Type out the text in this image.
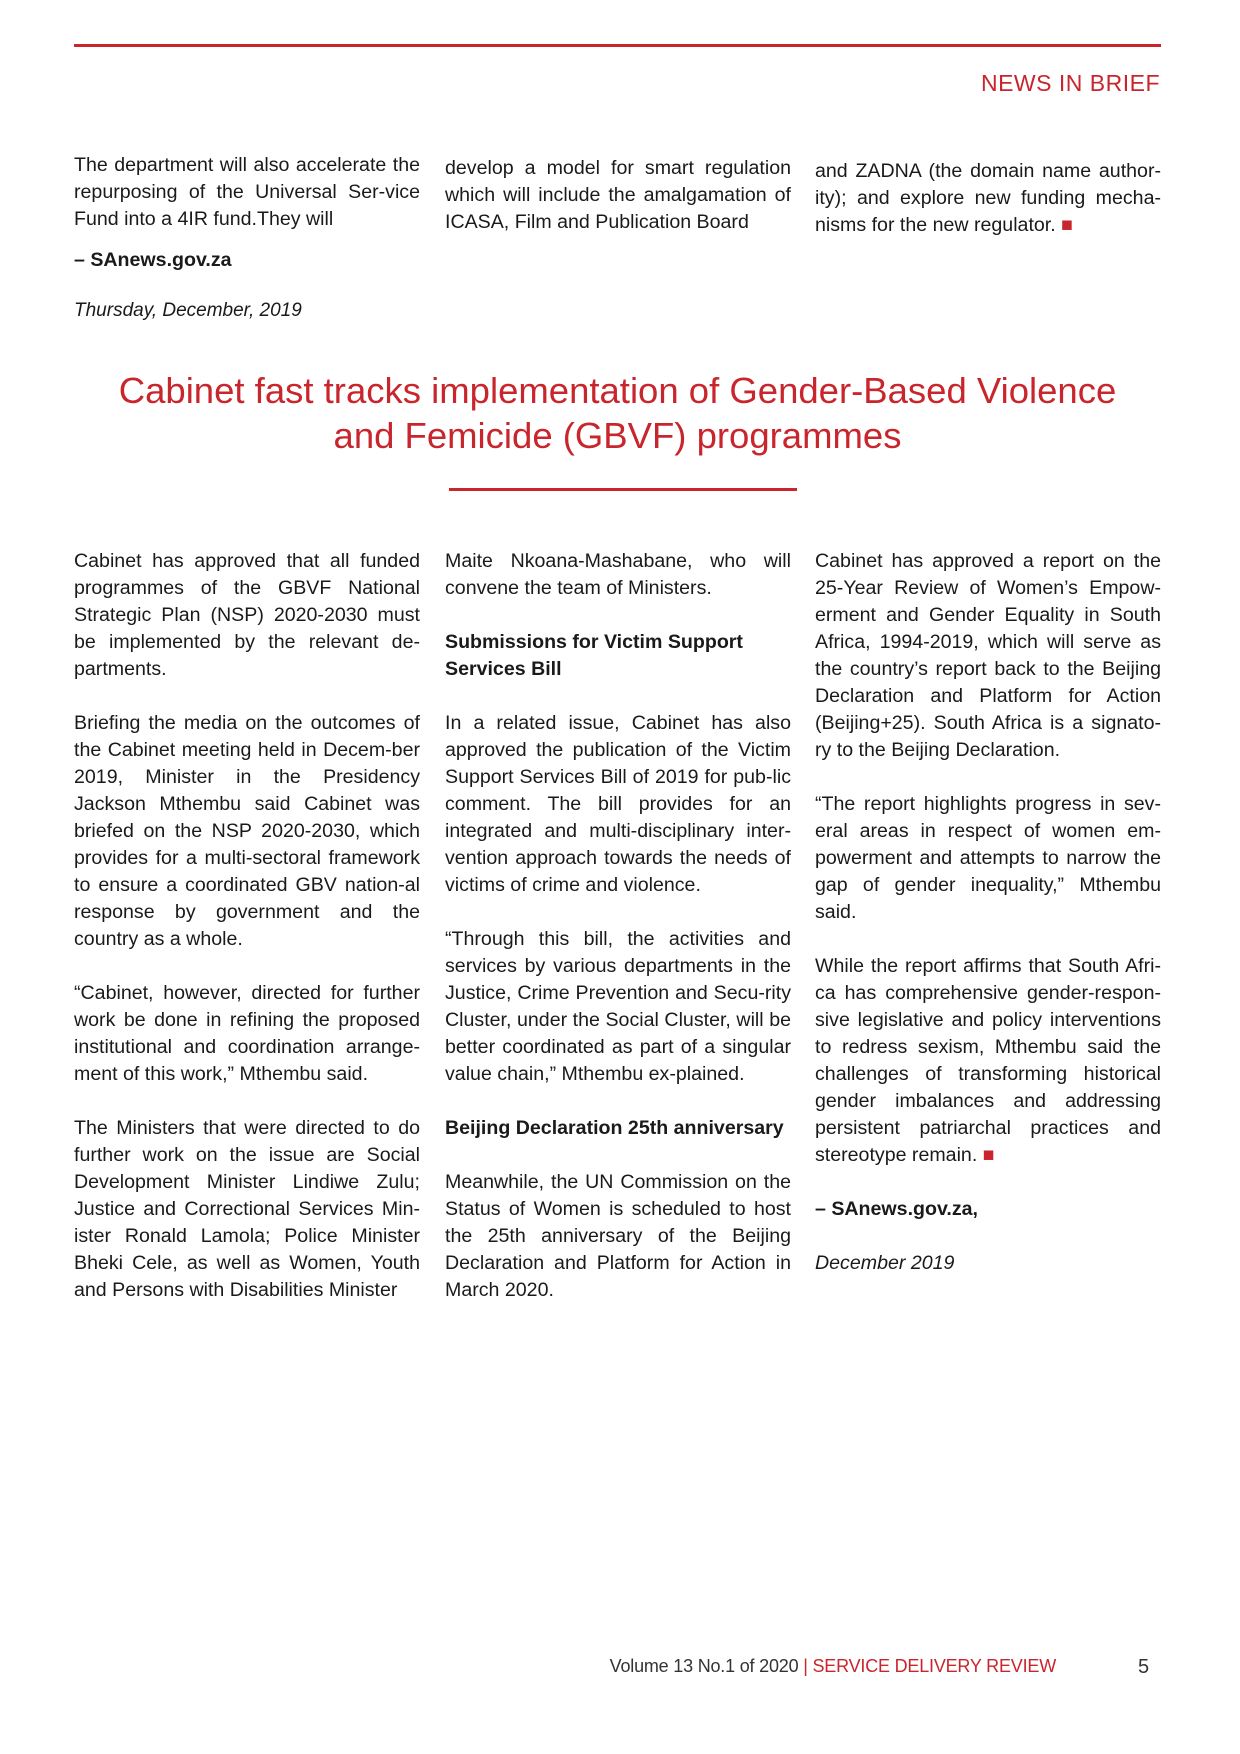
NEWS IN BRIEF

The department will also accelerate the repurposing of the Universal Ser-vice Fund into a 4IR fund.They will

develop a model for smart regulation which will include the amalgamation of ICASA, Film and Publication Board

and ZADNA (the domain name author-ity); and explore new funding mecha-nisms for the new regulator. ■

– SAnews.gov.za
Thursday, December, 2019
Cabinet fast tracks implementation of Gender-Based Violence
and Femicide (GBVF) programmes

Cabinet has approved that all funded programmes of the GBVF National Strategic Plan (NSP) 2020-2030 must be implemented by the relevant de-partments.

Briefing the media on the outcomes of the Cabinet meeting held in Decem-ber 2019, Minister in the Presidency Jackson Mthembu said Cabinet was briefed on the NSP 2020-2030, which provides for a multi-sectoral framework to ensure a coordinated GBV nation-al response by government and the country as a whole.

“Cabinet, however, directed for further work be done in refining the proposed institutional and coordination arrange-ment of this work,” Mthembu said.

The Ministers that were directed to do further work on the issue are Social Development Minister Lindiwe Zulu; Justice and Correctional Services Min-ister Ronald Lamola; Police Minister Bheki Cele, as well as Women, Youth and Persons with Disabilities Minister

Maite Nkoana-Mashabane, who will convene the team of Ministers.

Submissions for Victim Support Services Bill

In a related issue, Cabinet has also approved the publication of the Victim Support Services Bill of 2019 for pub-lic comment. The bill provides for an integrated and multi-disciplinary inter-vention approach towards the needs of victims of crime and violence.

“Through this bill, the activities and services by various departments in the Justice, Crime Prevention and Secu-rity Cluster, under the Social Cluster, will be better coordinated as part of a singular value chain,” Mthembu ex-plained.

Beijing Declaration 25th anniversary

Meanwhile, the UN Commission on the Status of Women is scheduled to host the 25th anniversary of the Beijing Declaration and Platform for Action in March 2020.

Cabinet has approved a report on the 25-Year Review of Women’s Empow-erment and Gender Equality in South Africa, 1994-2019, which will serve as the country’s report back to the Beijing Declaration and Platform for Action (Beijing+25). South Africa is a signato-ry to the Beijing Declaration.

“The report highlights progress in sev-eral areas in respect of women em-powerment and attempts to narrow the gap of gender inequality,” Mthembu said.

While the report affirms that South Afri-ca has comprehensive gender-respon-sive legislative and policy interventions to redress sexism, Mthembu said the challenges of transforming historical gender imbalances and addressing persistent patriarchal practices and stereotype remain. ■

– SAnews.gov.za,

December 2019

Volume 13 No.1 of 2020 | SERVICE DELIVERY REVIEW	5
